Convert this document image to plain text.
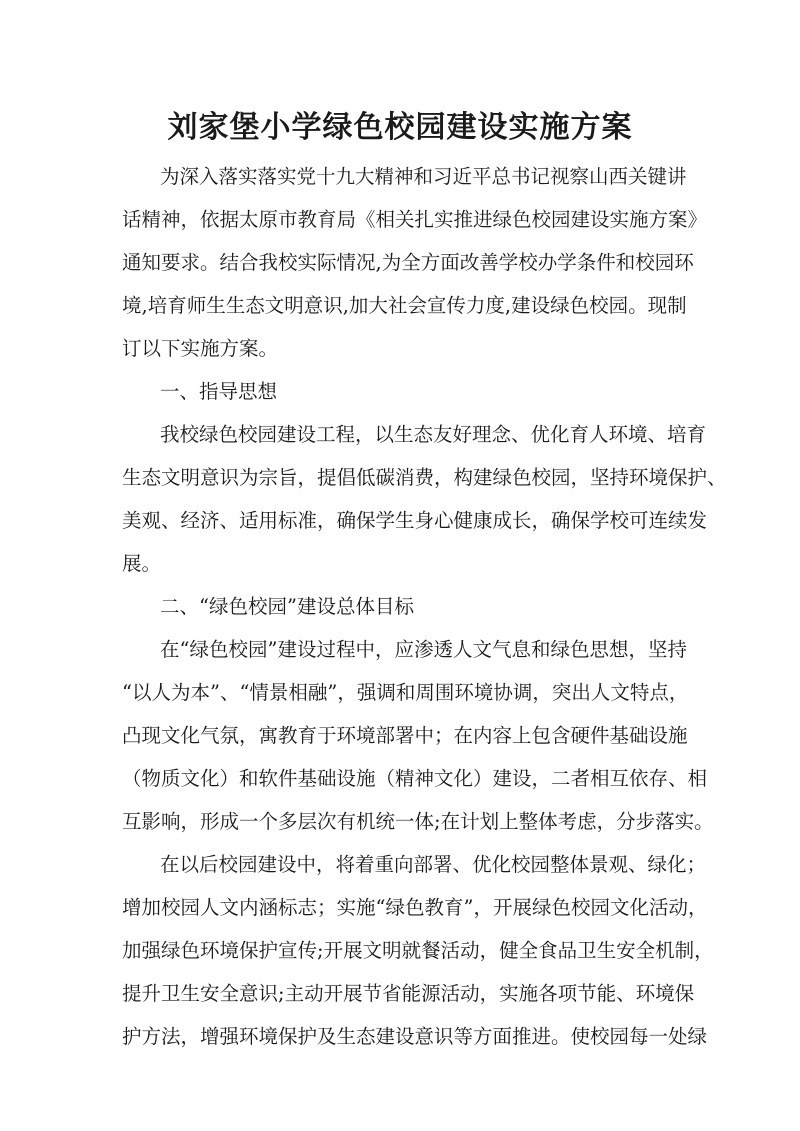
刘家堡小学绿色校园建设实施方案
为深入落实落实党十九大精神和习近平总书记视察山西关键讲
话精神，依据太原市教育局《相关扎实推进绿色校园建设实施方案》
通知要求。结合我校实际情况,为全方面改善学校办学条件和校园环
境,培育师生生态文明意识,加大社会宣传力度,建设绿色校园。现制
订以下实施方案。
一、指导思想
我校绿色校园建设工程，以生态友好理念、优化育人环境、培育
生态文明意识为宗旨，提倡低碳消费，构建绿色校园，坚持环境保护、
美观、经济、适用标准，确保学生身心健康成长，确保学校可连续发
展。
二、“绿色校园”建设总体目标
在“绿色校园”建设过程中，应渗透人文气息和绿色思想，坚持
“以人为本”、“情景相融”，强调和周围环境协调，突出人文特点，
凸现文化气氛，寓教育于环境部署中；在内容上包含硬件基础设施
（物质文化）和软件基础设施（精神文化）建设，二者相互依存、相
互影响，形成一个多层次有机统一体;在计划上整体考虑，分步落实。
在以后校园建设中，将着重向部署、优化校园整体景观、绿化；
增加校园人文内涵标志；实施“绿色教育”，开展绿色校园文化活动，
加强绿色环境保护宣传;开展文明就餐活动，健全食品卫生安全机制，
提升卫生安全意识;主动开展节省能源活动，实施各项节能、环境保
护方法，增强环境保护及生态建设意识等方面推进。使校园每一处绿
